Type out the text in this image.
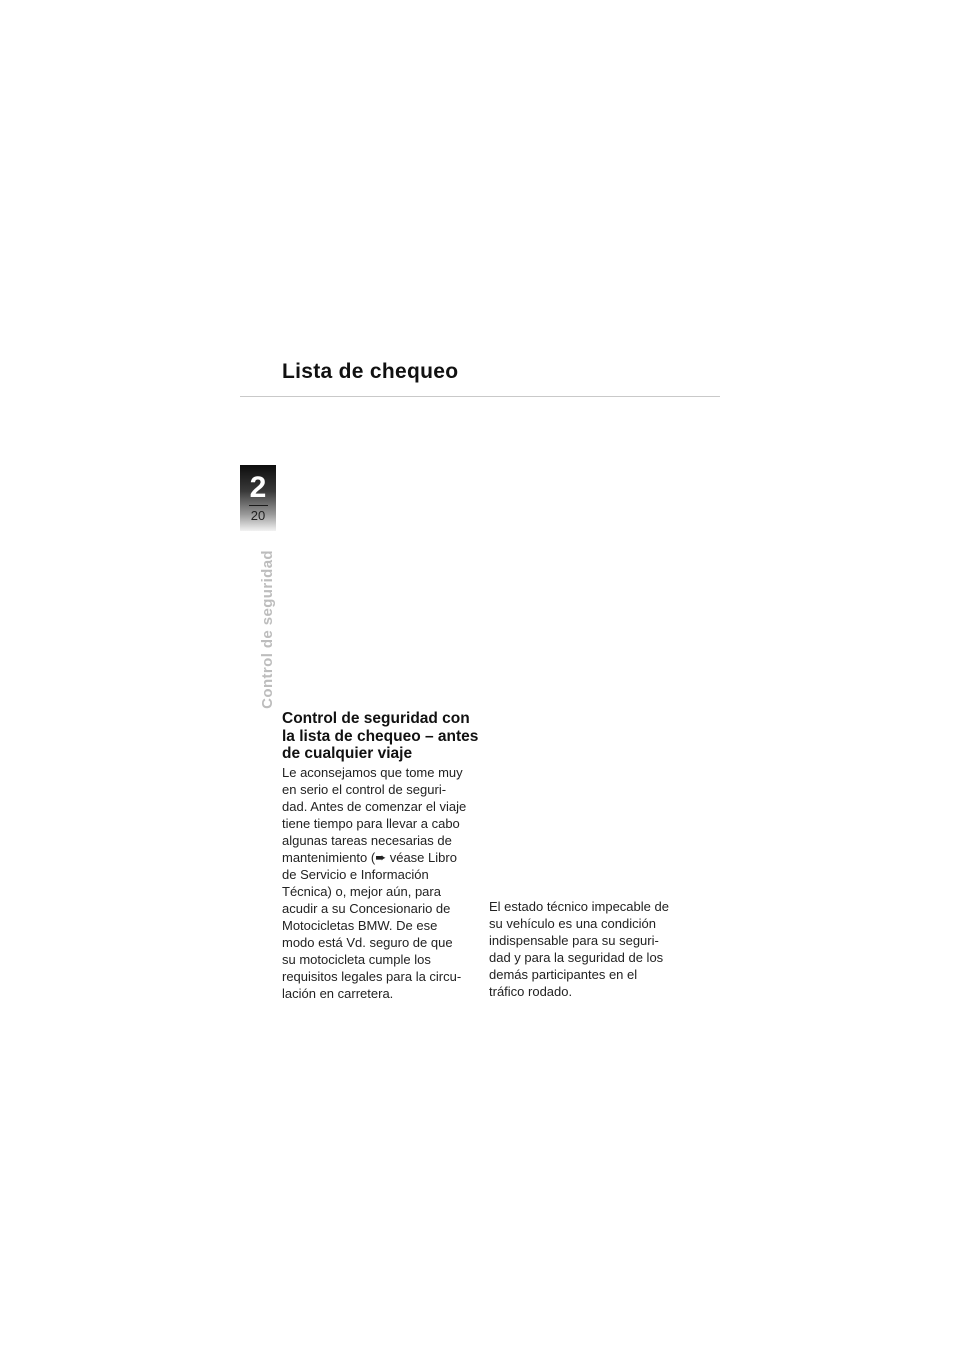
Lista de chequeo
2
20
Control de seguridad
Control de seguridad con
la lista de chequeo – antes
de cualquier viaje
Le aconsejamos que tome muy
en serio el control de seguri-
dad. Antes de comenzar el viaje
tiene tiempo para llevar a cabo
algunas tareas necesarias de
mantenimiento (➨ véase Libro
de Servicio e Información
Técnica) o, mejor aún, para
acudir a su Concesionario de
Motocicletas BMW. De ese
modo está Vd. seguro de que
su motocicleta cumple los
requisitos legales para la circu-
lación en carretera.
El estado técnico impecable de
su vehículo es una condición
indispensable para su seguri-
dad y para la seguridad de los
demás participantes en el
tráfico rodado.
